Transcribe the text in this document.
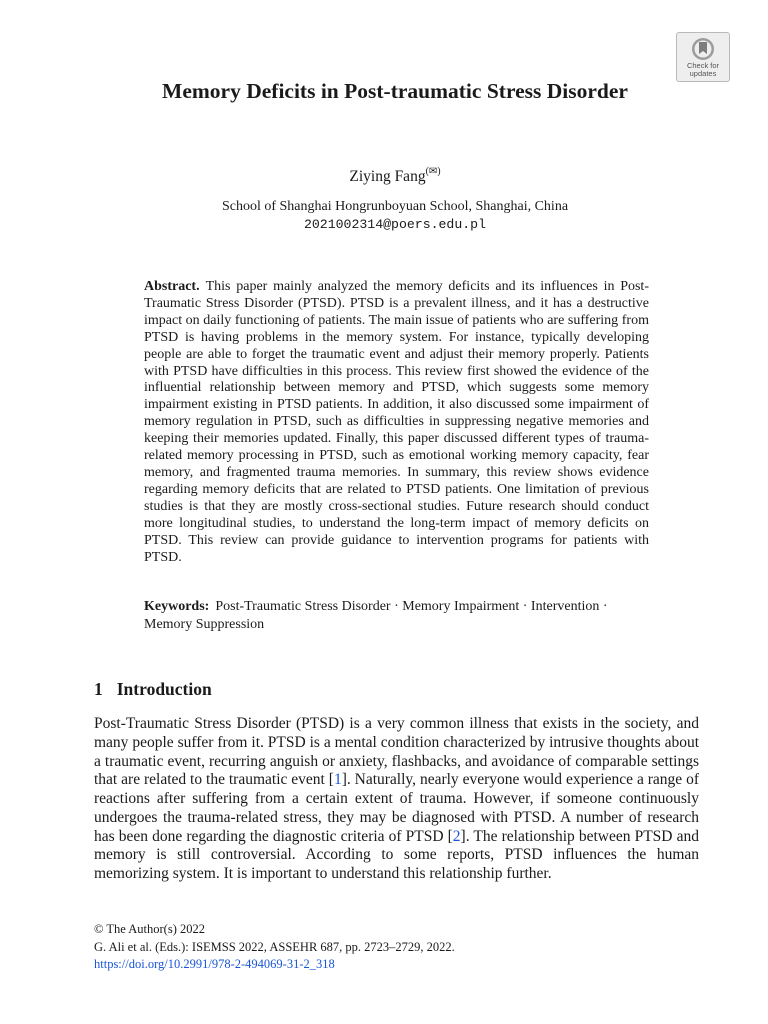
Check for updates
Memory Deficits in Post-traumatic Stress Disorder
Ziying Fang(✉)
School of Shanghai Hongrunboyuan School, Shanghai, China
2021002314@poers.edu.pl

Abstract. This paper mainly analyzed the memory deficits and its influences in Post-Traumatic Stress Disorder (PTSD). PTSD is a prevalent illness, and it has a destructive impact on daily functioning of patients. The main issue of patients who are suffering from PTSD is having problems in the memory system. For instance, typically developing people are able to forget the traumatic event and adjust their memory properly. Patients with PTSD have difficulties in this process. This review first showed the evidence of the influential relationship between memory and PTSD, which suggests some memory impairment existing in PTSD patients. In addition, it also discussed some impairment of memory regulation in PTSD, such as difficulties in suppressing negative memories and keeping their memories updated. Finally, this paper discussed different types of trauma-related memory processing in PTSD, such as emotional working memory capacity, fear memory, and fragmented trauma memories. In summary, this review shows evidence regarding memory deficits that are related to PTSD patients. One limitation of previous studies is that they are mostly cross-sectional studies. Future research should conduct more longitudinal studies, to understand the long-term impact of memory deficits on PTSD. This review can provide guidance to intervention programs for patients with PTSD.

Keywords: Post-Traumatic Stress Disorder · Memory Impairment · Intervention · Memory Suppression

1 Introduction

Post-Traumatic Stress Disorder (PTSD) is a very common illness that exists in the society, and many people suffer from it. PTSD is a mental condition characterized by intrusive thoughts about a traumatic event, recurring anguish or anxiety, flashbacks, and avoidance of comparable settings that are related to the traumatic event [1]. Naturally, nearly everyone would experience a range of reactions after suffering from a certain extent of trauma. However, if someone continuously undergoes the trauma-related stress, they may be diagnosed with PTSD. A number of research has been done regarding the diagnostic criteria of PTSD [2]. The relationship between PTSD and memory is still controversial. According to some reports, PTSD influences the human memorizing system. It is important to understand this relationship further.

© The Author(s) 2022
G. Ali et al. (Eds.): ISEMSS 2022, ASSEHR 687, pp. 2723–2729, 2022.
https://doi.org/10.2991/978-2-494069-31-2_318
